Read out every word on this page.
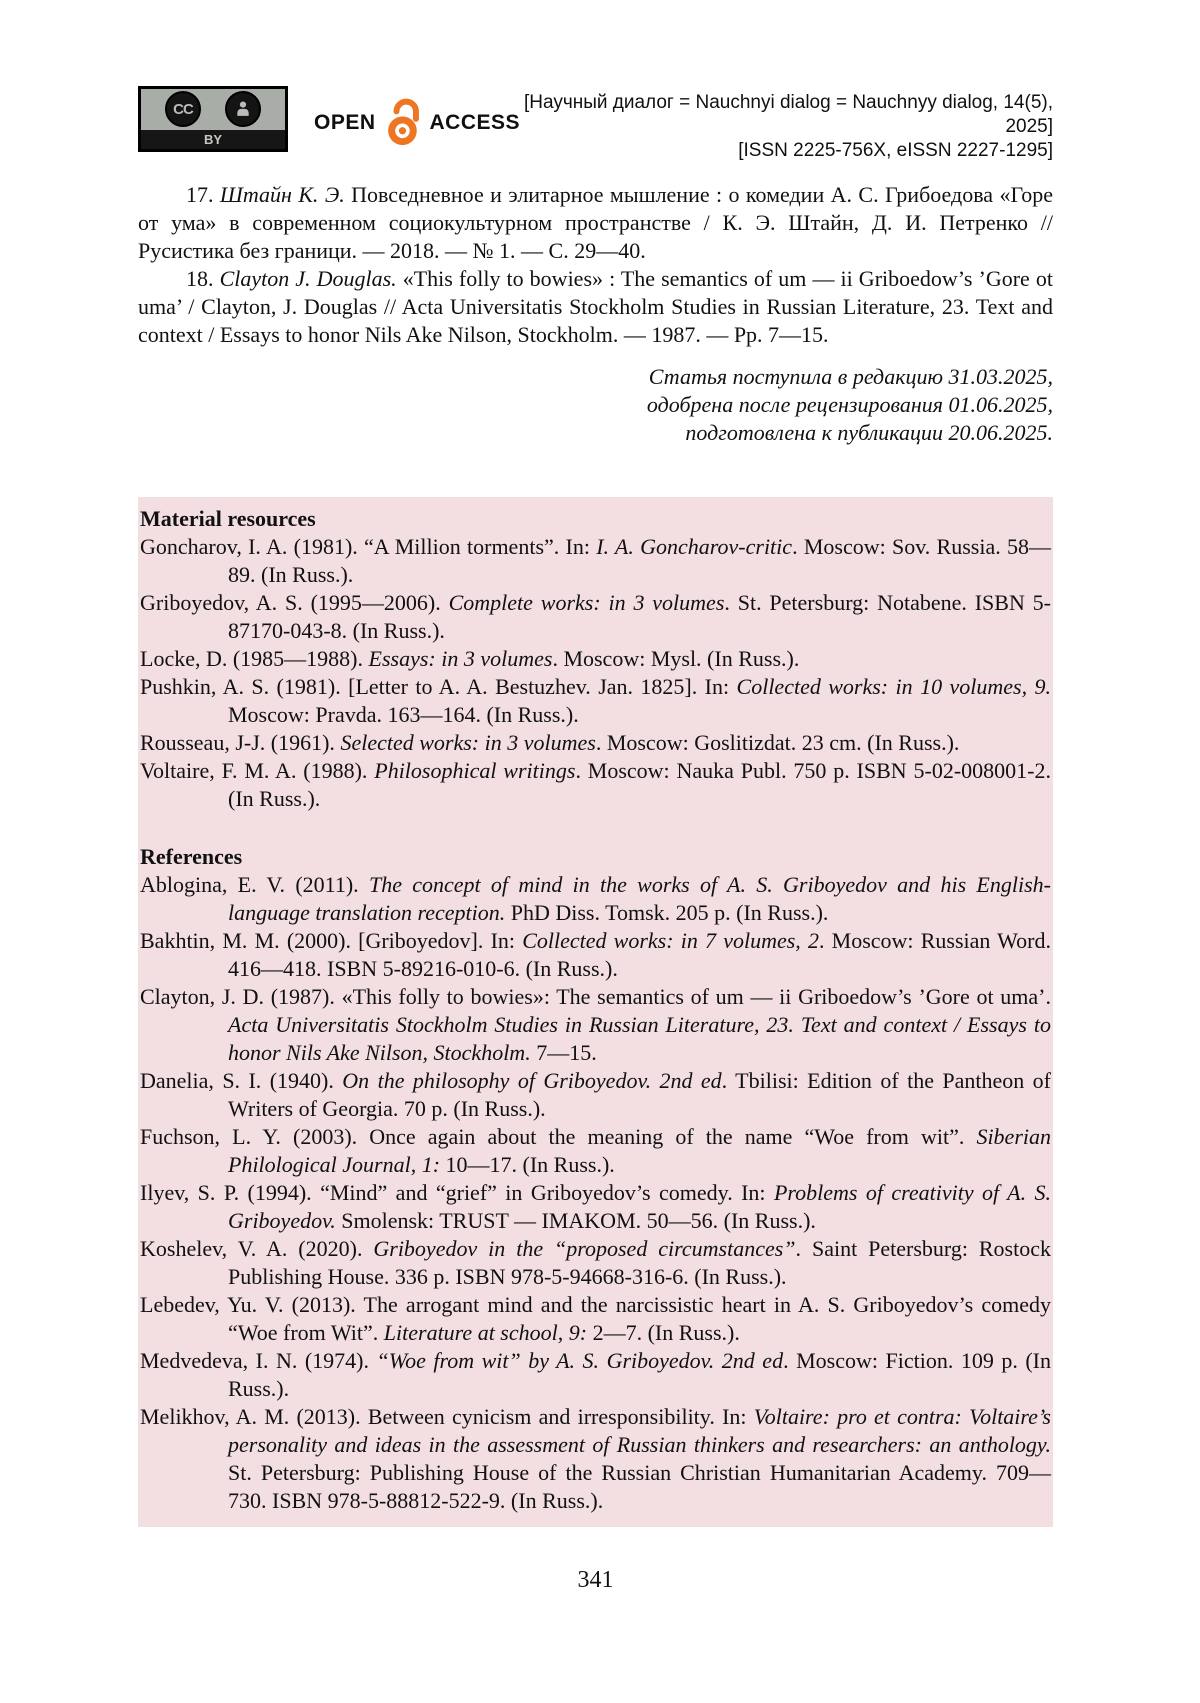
CC
BY
OPEN	ACCESS
[Научный диалог = Nauchnyi dialog = Nauchnyy dialog, 14(5), 2025]
[ISSN 2225-756X, eISSN 2227-1295]

17. Штайн К. Э. Повседневное и элитарное мышление : о комедии А. С. Грибоедова «Горе от ума» в современном социокультурном пространстве / К. Э. Штайн, Д. И. Петренко // Русистика без граници. — 2018. — № 1. — С. 29—40.

18. Clayton J. Douglas. «This folly to bowies» : The semantics of um — ii Griboedow’s ’Gore ot uma’ / Clayton, J. Douglas // Acta Universitatis Stockholm Studies in Russian Literature, 23. Text and context / Essays to honor Nils Ake Nilson, Stockholm. — 1987. — Pp. 7—15.

Статья поступила в редакцию 31.03.2025,

одобрена после рецензирования 01.06.2025,

подготовлена к публикации 20.06.2025.

Material resources

Goncharov, I. A. (1981). “A Million torments”. In: I. A. Goncharov-critic. Moscow: Sov. Russia. 58—89. (In Russ.).

Griboyedov, A. S. (1995—2006). Complete works: in 3 volumes. St. Petersburg: Notabene. ISBN 5-87170-043-8. (In Russ.).

Locke, D. (1985—1988). Essays: in 3 volumes. Moscow: Mysl. (In Russ.).

Pushkin, A. S. (1981). [Letter to A. A. Bestuzhev. Jan. 1825]. In: Collected works: in 10 volumes, 9. Moscow: Pravda. 163—164. (In Russ.).

Rousseau, J-J. (1961). Selected works: in 3 volumes. Moscow: Goslitizdat. 23 cm. (In Russ.).

Voltaire, F. M. A. (1988). Philosophical writings. Moscow: Nauka Publ. 750 p. ISBN 5-02-008001-2. (In Russ.).

References

Ablogina, E. V. (2011). The concept of mind in the works of A. S. Griboyedov and his English-language translation reception. PhD Diss. Tomsk. 205 p. (In Russ.).

Bakhtin, M. M. (2000). [Griboyedov]. In: Collected works: in 7 volumes, 2. Moscow: Russian Word. 416—418. ISBN 5-89216-010-6. (In Russ.).

Clayton, J. D. (1987). «This folly to bowies»: The semantics of um — ii Griboedow’s ’Gore ot uma’. Acta Universitatis Stockholm Studies in Russian Literature, 23. Text and context / Essays to honor Nils Ake Nilson, Stockholm. 7—15.

Danelia, S. I. (1940). On the philosophy of Griboyedov. 2nd ed. Tbilisi: Edition of the Pantheon of Writers of Georgia. 70 p. (In Russ.).

Fuchson, L. Y. (2003). Once again about the meaning of the name “Woe from wit”. Siberian Philological Journal, 1: 10—17. (In Russ.).

Ilyev, S. P. (1994). “Mind” and “grief” in Griboyedov’s comedy. In: Problems of creativity of A. S. Griboyedov. Smolensk: TRUST — IMAKOM. 50—56. (In Russ.).

Koshelev, V. A. (2020). Griboyedov in the “proposed circumstances”. Saint Petersburg: Rostock Publishing House. 336 p. ISBN 978-5-94668-316-6. (In Russ.).

Lebedev, Yu. V. (2013). The arrogant mind and the narcissistic heart in A. S. Griboyedov’s comedy “Woe from Wit”. Literature at school, 9: 2—7. (In Russ.).

Medvedeva, I. N. (1974). “Woe from wit” by A. S. Griboyedov. 2nd ed. Moscow: Fiction. 109 p. (In Russ.).

Melikhov, A. M. (2013). Between cynicism and irresponsibility. In: Voltaire: pro et contra: Voltaire’s personality and ideas in the assessment of Russian thinkers and researchers: an anthology. St. Petersburg: Publishing House of the Russian Christian Humanitarian Academy. 709—730. ISBN 978-5-88812-522-9. (In Russ.).

341
